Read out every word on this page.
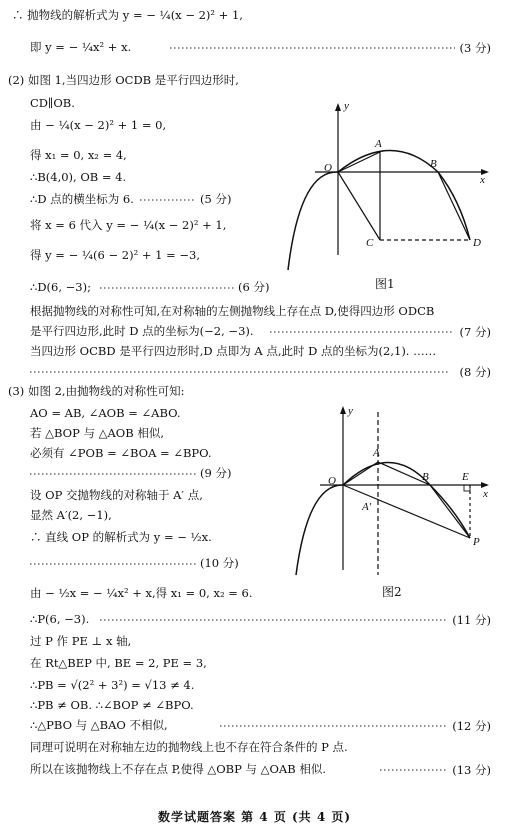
∴ 抛物线的解析式为 y = − ¼(x − 2)² + 1,
即 y = − ¼x² + x.	(3 分)
(2) 如图 1,当四边形 OCDB 是平行四边形时,
CD∥OB.
由 − ¼(x − 2)² + 1 = 0,
得 x₁ = 0, x₂ = 4,
∴B(4,0), OB = 4.
∴D 点的横坐标为 6.	(5 分)
将 x = 6 代入 y = − ¼(x − 2)² + 1,
得 y = − ¼(6 − 2)² + 1 = −3,
∴D(6, −3);	(6 分)
根据抛物线的对称性可知,在对称轴的左侧抛物线上存在点 D,使得四边形 ODCB
是平行四边形,此时 D 点的坐标为(−2, −3).	(7 分)
当四边形 OCBD 是平行四边形时,D 点即为 A 点,此时 D 点的坐标为(2,1). ……
(8 分)
(3) 如图 2,由抛物线的对称性可知:
AO = AB, ∠AOB = ∠ABO.
若 △BOP 与 △AOB 相似,
必须有 ∠POB = ∠BOA = ∠BPO.
(9 分)
设 OP 交抛物线的对称轴于 A′ 点,
显然 A′(2, −1),
∴ 直线 OP 的解析式为 y = − ½x.
(10 分)
由 − ½x = − ¼x² + x,得 x₁ = 0, x₂ = 6.
∴P(6, −3).	(11 分)
过 P 作 PE ⊥ x 轴,
在 Rt△BEP 中, BE = 2, PE = 3,
∴PB = √(2² + 3²) = √13 ≠ 4.
∴PB ≠ OB. ∴∠BOP ≠ ∠BPO.
∴△PBO 与 △BAO 不相似,	(12 分)
同理可说明在对称轴左边的抛物线上也不存在符合条件的 P 点.
所以在该抛物线上不存在点 P,使得 △OBP 与 △OAB 相似.	(13 分)
y
x
O
A
B
C	D
图1
y
x
O
A
B	E
A′
P
图2
数学试题答案 第 4 页 (共 4 页)
